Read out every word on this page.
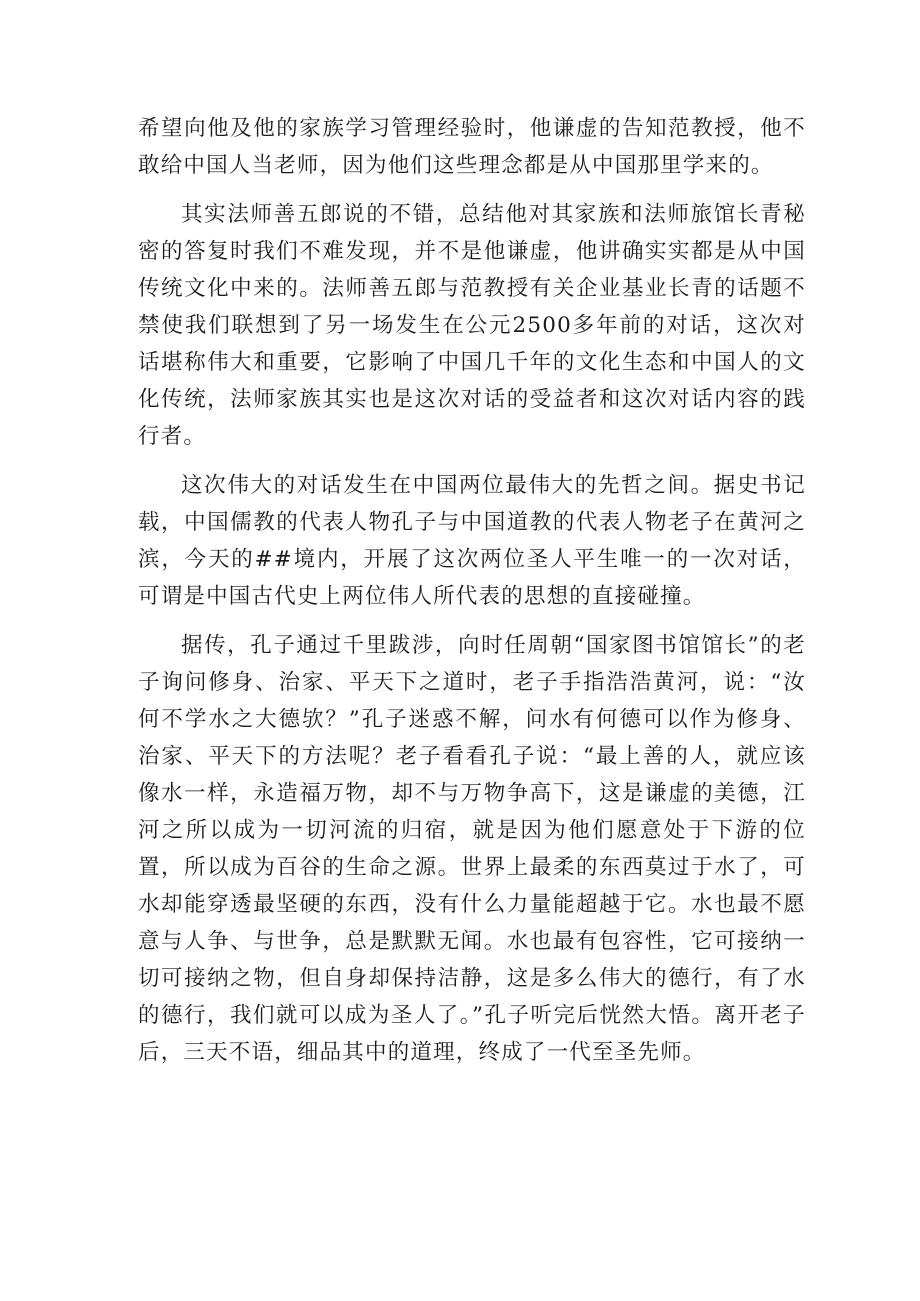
希望向他及他的家族学习管理经验时，他谦虚的告知范教授，他不敢给中国人当老师，因为他们这些理念都是从中国那里学来的。

其实法师善五郎说的不错，总结他对其家族和法师旅馆长青秘密的答复时我们不难发现，并不是他谦虚，他讲确实实都是从中国传统文化中来的。法师善五郎与范教授有关企业基业长青的话题不禁使我们联想到了另一场发生在公元2500多年前的对话，这次对话堪称伟大和重要，它影响了中国几千年的文化生态和中国人的文化传统，法师家族其实也是这次对话的受益者和这次对话内容的践行者。

这次伟大的对话发生在中国两位最伟大的先哲之间。据史书记载，中国儒教的代表人物孔子与中国道教的代表人物老子在黄河之滨，今天的##境内，开展了这次两位圣人平生唯一的一次对话，可谓是中国古代史上两位伟人所代表的思想的直接碰撞。

据传，孔子通过千里跋涉，向时任周朝“国家图书馆馆长”的老子询问修身、治家、平天下之道时，老子手指浩浩黄河，说：“汝何不学水之大德欤？”孔子迷惑不解，问水有何德可以作为修身、治家、平天下的方法呢？老子看看孔子说：“最上善的人，就应该像水一样，永造福万物，却不与万物争高下，这是谦虚的美德，江河之所以成为一切河流的归宿，就是因为他们愿意处于下游的位置，所以成为百谷的生命之源。世界上最柔的东西莫过于水了，可水却能穿透最坚硬的东西，没有什么力量能超越于它。水也最不愿意与人争、与世争，总是默默无闻。水也最有包容性，它可接纳一切可接纳之物，但自身却保持洁静，这是多么伟大的德行，有了水的德行，我们就可以成为圣人了。”孔子听完后恍然大悟。离开老子后，三天不语，细品其中的道理，终成了一代至圣先师。
